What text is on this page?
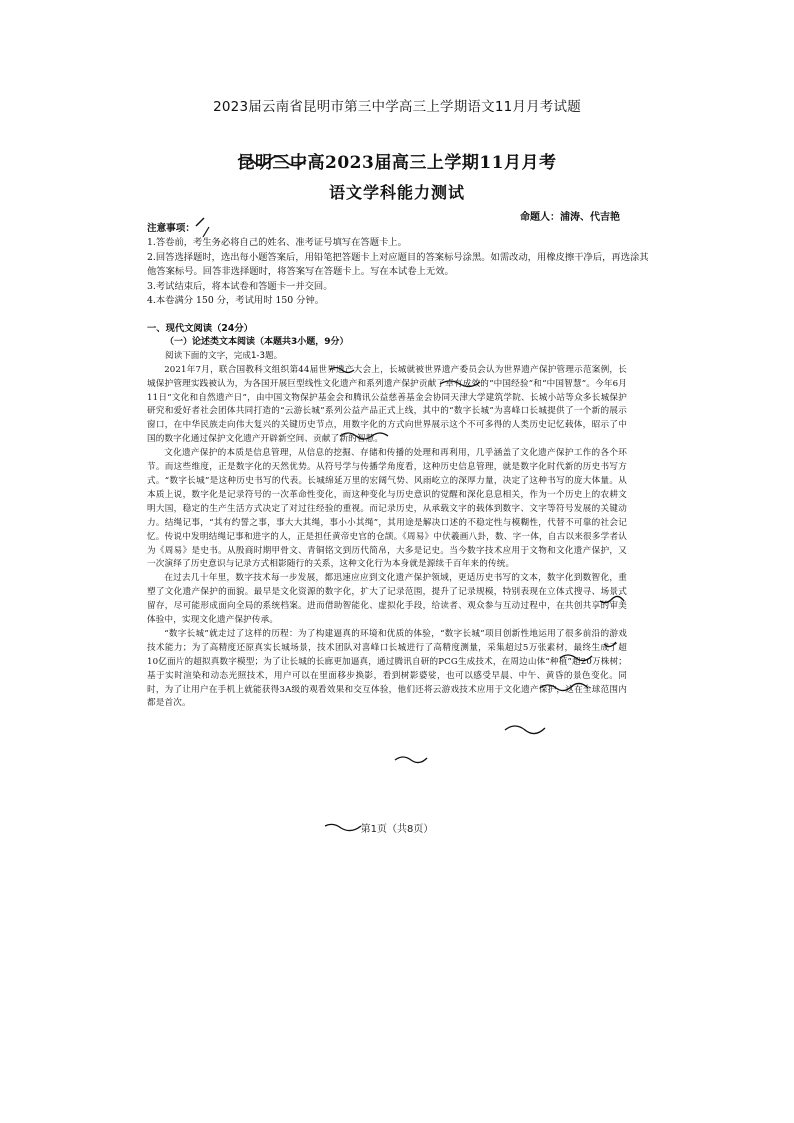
2023届云南省昆明市第三中学高三上学期语文11月月考试题
昆明三中高2023届高三上学期11月月考
语文学科能力测试
命题人：浦涛、代吉艳

注意事项：

1.答卷前，考生务必将自己的姓名、准考证号填写在答题卡上。

2.回答选择题时，选出每小题答案后，用铅笔把答题卡上对应题目的答案标号涂黑。如需改动，用橡皮擦干净后，再选涂其他答案标号。回答非选择题时，将答案写在答题卡上。写在本试卷上无效。

3.考试结束后，将本试卷和答题卡一并交回。

4.本卷满分 150 分，考试用时 150 分钟。

一、现代文阅读（24分）

（一）论述类文本阅读（本题共3小题，9分）

阅读下面的文字，完成1-3题。

2021年7月，联合国教科文组织第44届世界遗产大会上，长城就被世界遗产委员会认为世界遗产保护管理示范案例，长城保护管理实践被认为，为各国开展巨型线性文化遗产和系列遗产保护贡献了卓有成效的“中国经验”和“中国智慧”。今年6月11日“文化和自然遗产日”，由中国文物保护基金会和腾讯公益慈善基金会协同天津大学建筑学院、长城小站等众多长城保护研究和爱好者社会团体共同打造的“云游长城”系列公益产品正式上线，其中的“数字长城”为喜峰口长城提供了一个新的展示窗口，在中华民族走向伟大复兴的关键历史节点，用数字化的方式向世界展示这个不可多得的人类历史记忆载体，昭示了中国的数字化通过保护文化遗产开辟新空间、贡献了新的智慧。

文化遗产保护的本质是信息管理，从信息的挖掘、存储和传播的处理和再利用，几乎涵盖了文化遗产保护工作的各个环节。而这些维度，正是数字化的天然优势。从符号学与传播学角度看，这种历史信息管理，就是数字化时代新的历史书写方式。“数字长城”是这种历史书写的代表。长城绵延万里的宏阔气势、风雨屹立的深厚力量，决定了这种书写的庞大体量。从本质上说，数字化是记录符号的一次革命性变化，而这种变化与历史意识的觉醒和深化息息相关，作为一个历史上的农耕文明大国，稳定的生产生活方式决定了对过往经验的重视。而记录历史，从承载文字的载体到数字、文字等符号发展的关键动力。结绳记事，“其有约誓之事，事大大其绳，事小小其绳”，其用途是解决口述的不稳定性与模糊性，代替不可靠的社会记忆。传说中发明结绳记事和进字的人，正是担任黄帝史官的仓颉。《周易》中伏羲画八卦，数、字一体，自古以来很多学者认为《周易》是史书。从殷商时期甲骨文、青铜铭文到历代简帛，大多是记史。当今数字技术应用于文物和文化遗产保护，又一次演绎了历史意识与记录方式相影随行的关系，这种文化行为本身就是源续千百年来的传统。

在过去几十年里，数字技术每一步发展，都迅速应应到文化遗产保护领域，更适历史书写的文本，数字化到数智化，重塑了文化遗产保护的面貌。最早是文化资源的数字化，扩大了记录范围，提升了记录规模，特别表现在立体式搜寻、场景式留存，尽可能形成面向全局的系统档案。进而借助智能化、虚拟化手段，给读者、观众参与互动过程中，在共创共享的审美体验中，实现文化遗产保护传承。

“数字长城”就走过了这样的历程：为了构建逼真的环境和优质的体验，“数字长城”项目创新性地运用了很多前沿的游戏技术能力；为了高精度还原真实长城场景，技术团队对喜峰口长城进行了高精度测量，采集超过5万张素材，最终生成了超10亿面片的超拟真数字模型；为了让长城的长廊更加逼真，通过腾讯自研的PCG生成技术，在周边山体“种植”超20万株树；基于实时渲染和动态光照技术，用户可以在里面移步换影，看到树影婆娑，也可以感受早晨、中午、黄昏的景色变化。同时，为了让用户在手机上就能获得3A级的观看效果和交互体验，他们还将云游戏技术应用于文化遗产保护，这在全球范围内都是首次。

第1页（共8页）
